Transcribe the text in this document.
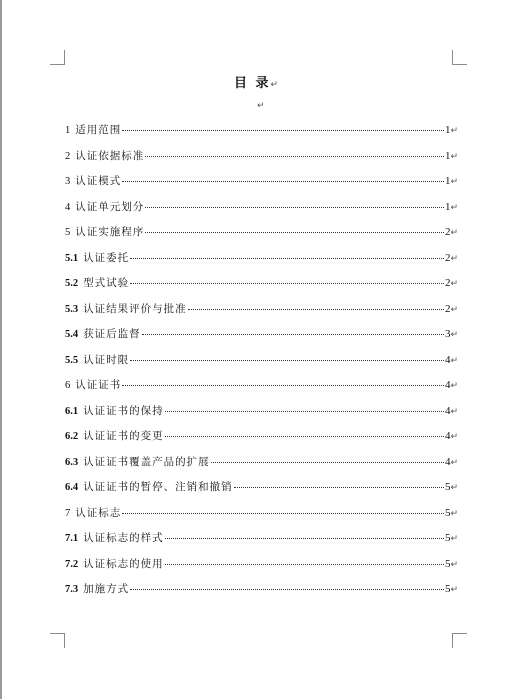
目 录↵
↵
1 适用范围	1 ↵
2 认证依据标准	1 ↵
3 认证模式	1 ↵
4 认证单元划分	1 ↵
5 认证实施程序	2 ↵
5.1 认证委托	2 ↵
5.2 型式试验	2 ↵
5.3 认证结果评价与批准	2 ↵
5.4 获证后监督	3 ↵
5.5 认证时限	4 ↵
6 认证证书	4 ↵
6.1 认证证书的保持	4 ↵
6.2 认证证书的变更	4 ↵
6.3 认证证书覆盖产品的扩展	4 ↵
6.4 认证证书的暂停、注销和撤销	5 ↵
7 认证标志	5 ↵
7.1 认证标志的样式	5 ↵
7.2 认证标志的使用	5 ↵
7.3 加施方式	5 ↵
